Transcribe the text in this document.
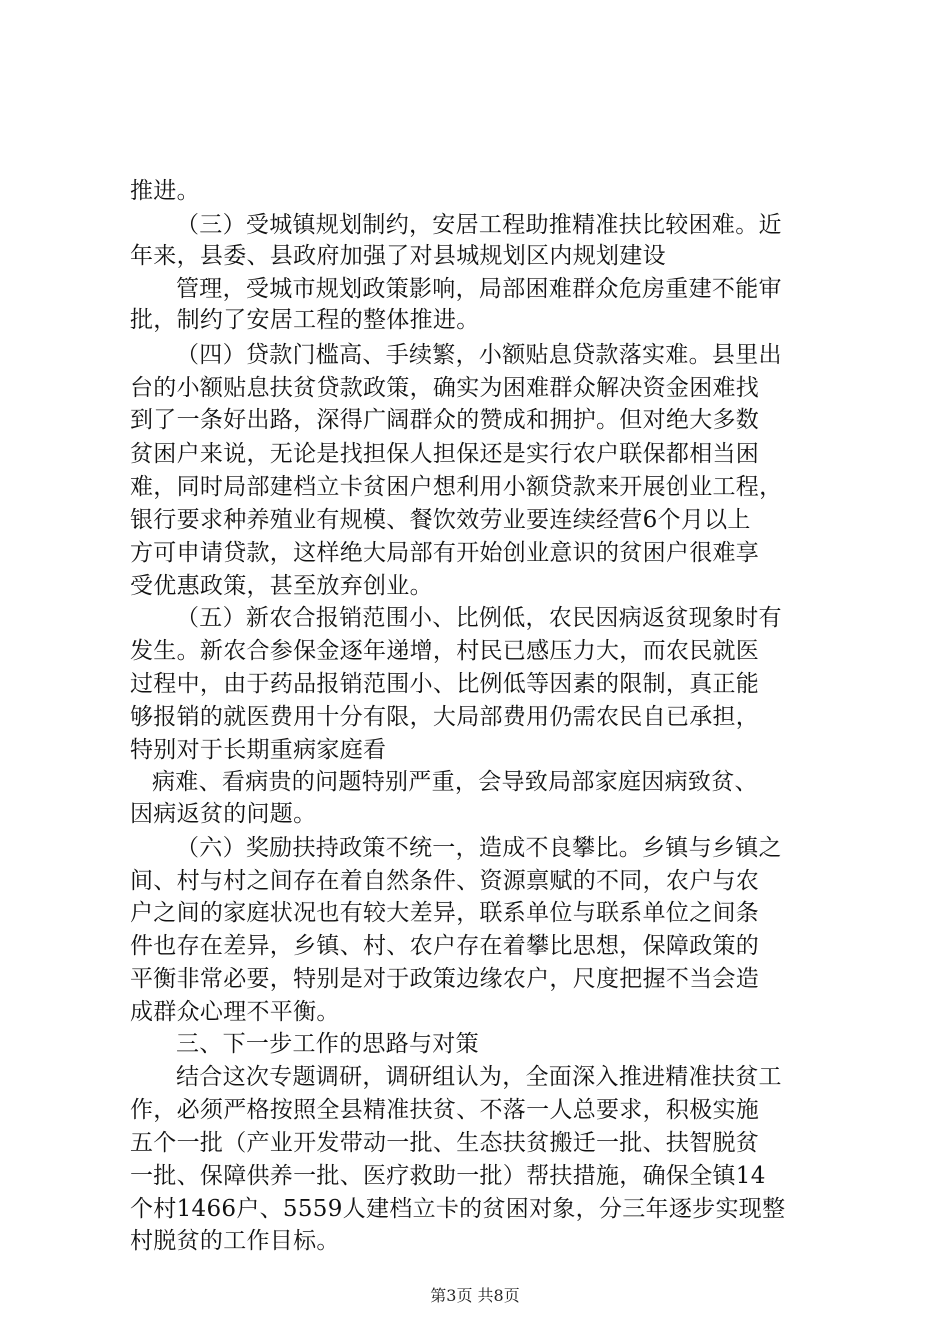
推进。
（三）受城镇规划制约，安居工程助推精准扶比较困难。近
年来，县委、县政府加强了对县城规划区内规划建设
管理，受城市规划政策影响，局部困难群众危房重建不能审
批，制约了安居工程的整体推进。
（四）贷款门槛高、手续繁，小额贴息贷款落实难。县里出
台的小额贴息扶贫贷款政策，确实为困难群众解决资金困难找
到了一条好出路，深得广阔群众的赞成和拥护。但对绝大多数
贫困户来说，无论是找担保人担保还是实行农户联保都相当困
难，同时局部建档立卡贫困户想利用小额贷款来开展创业工程，
银行要求种养殖业有规模、餐饮效劳业要连续经营6个月以上
方可申请贷款，这样绝大局部有开始创业意识的贫困户很难享
受优惠政策，甚至放弃创业。
（五）新农合报销范围小、比例低，农民因病返贫现象时有
发生。新农合参保金逐年递增，村民已感压力大，而农民就医
过程中，由于药品报销范围小、比例低等因素的限制，真正能
够报销的就医费用十分有限，大局部费用仍需农民自已承担，
特别对于长期重病家庭看
病难、看病贵的问题特别严重，会导致局部家庭因病致贫、
因病返贫的问题。
（六）奖励扶持政策不统一，造成不良攀比。乡镇与乡镇之
间、村与村之间存在着自然条件、资源禀赋的不同，农户与农
户之间的家庭状况也有较大差异，联系单位与联系单位之间条
件也存在差异，乡镇、村、农户存在着攀比思想，保障政策的
平衡非常必要，特别是对于政策边缘农户，尺度把握不当会造
成群众心理不平衡。
三、下一步工作的思路与对策
结合这次专题调研，调研组认为，全面深入推进精准扶贫工
作，必须严格按照全县精准扶贫、不落一人总要求，积极实施
五个一批（产业开发带动一批、生态扶贫搬迁一批、扶智脱贫
一批、保障供养一批、医疗救助一批）帮扶措施，确保全镇14
个村1466户、5559人建档立卡的贫困对象，分三年逐步实现整
村脱贫的工作目标。
第3页 共8页
